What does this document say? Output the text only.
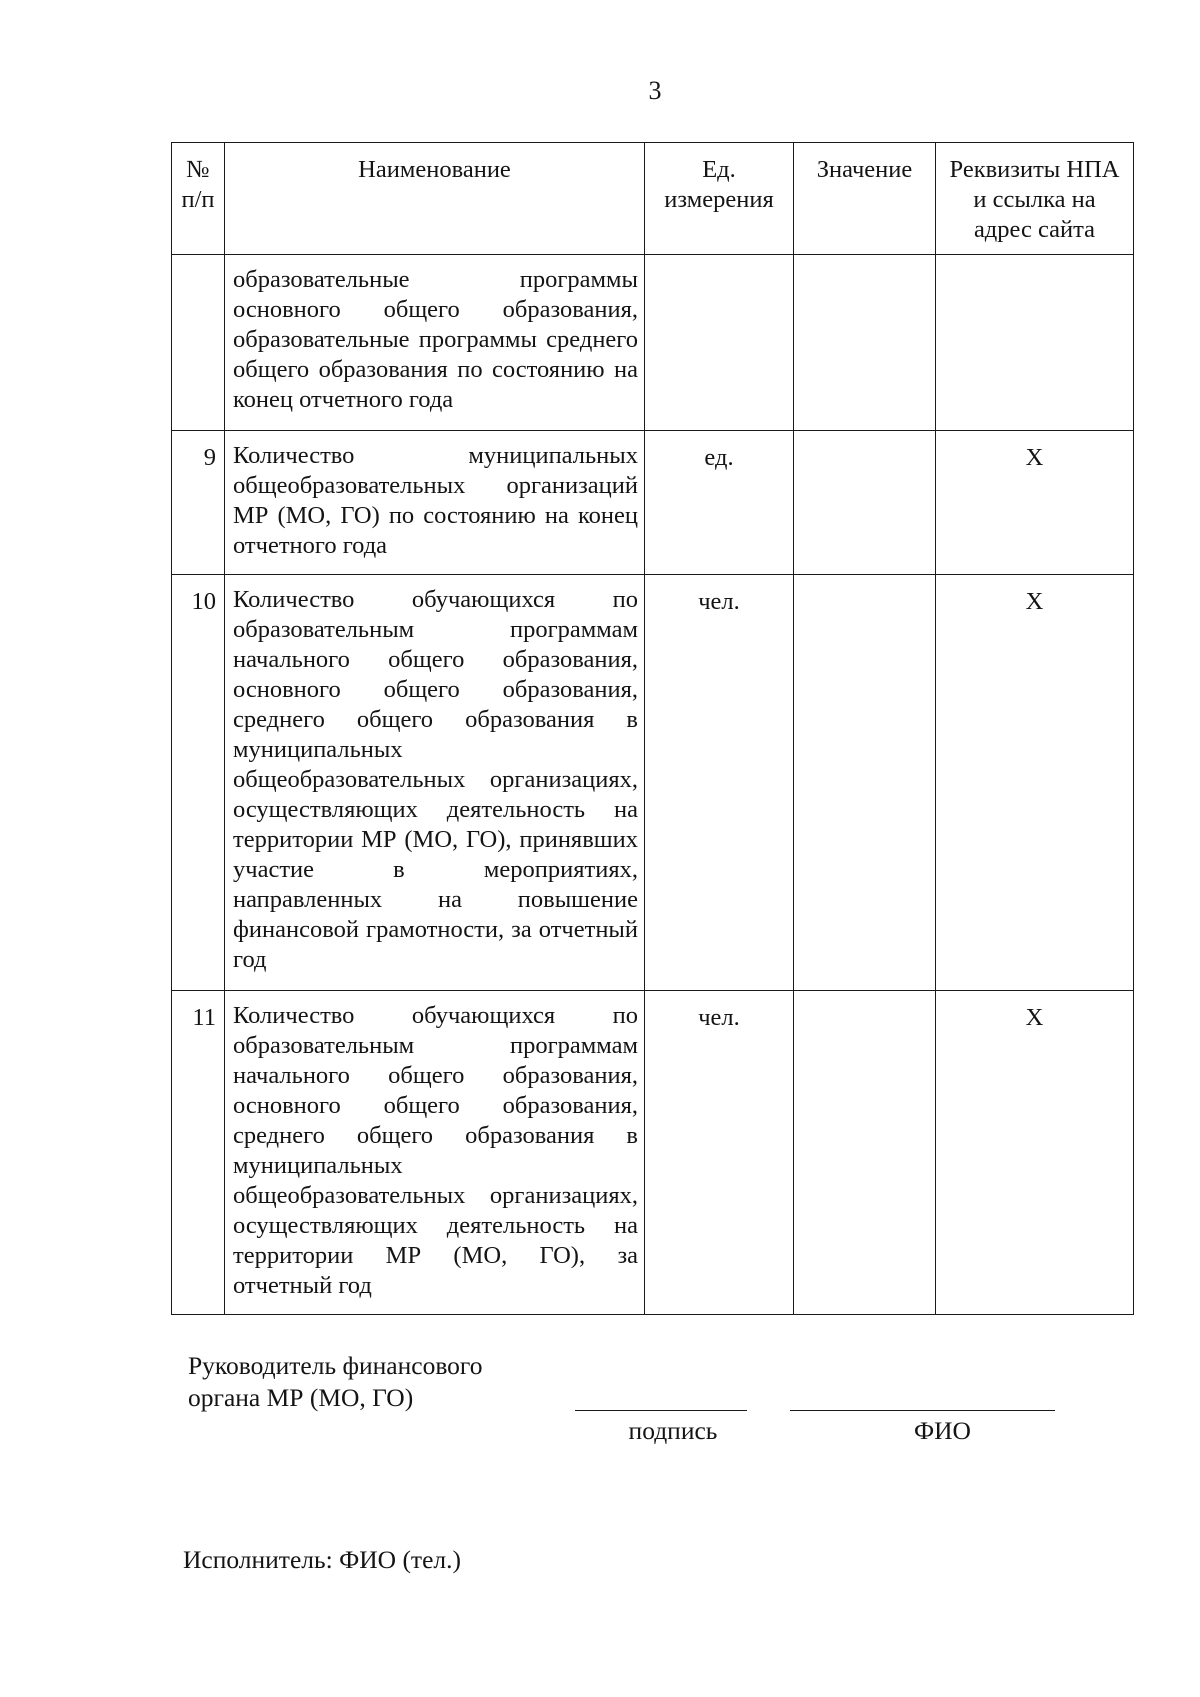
3
№ п/п	Наименование	Ед. измерения	Значение	Реквизиты НПА и ссылка на адрес сайта
	образовательные программы основного общего образования, образовательные программы среднего общего образования по состоянию на конец отчетного года			
9	Количество муниципальных общеобразовательных организаций МР (МО, ГО) по состоянию на конец отчетного года	ед.		Х
10	Количество обучающихся по образовательным программам начального общего образования, основного общего образования, среднего общего образования в муниципальных общеобразовательных организациях, осуществляющих деятельность на территории МР (МО, ГО), принявших участие в мероприятиях, направленных на повышение финансовой грамотности, за отчетный год	чел.		Х
11	Количество обучающихся по образовательным программам начального общего образования, основного общего образования, среднего общего образования в муниципальных общеобразовательных организациях, осуществляющих деятельность на территории МР (МО, ГО), за отчетный год	чел.		Х
Руководитель финансового
органа МР (МО, ГО)
подпись	ФИО
Исполнитель: ФИО (тел.)
